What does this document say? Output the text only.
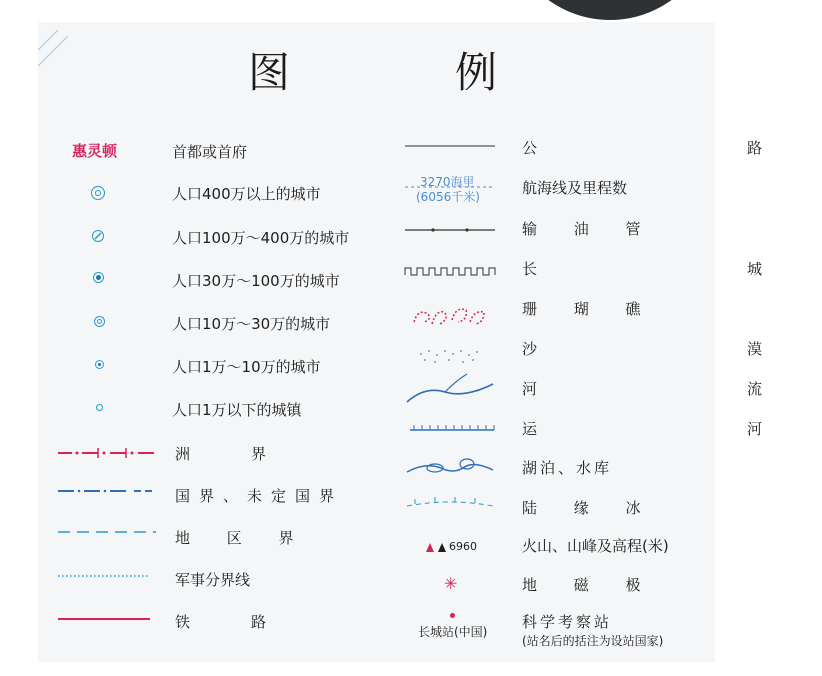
图	例
惠灵顿	首都或首府
人口400万以上的城市
人口100万～400万的城市
人口30万～100万的城市
人口10万～30万的城市
人口1万～10万的城市
人口1万以下的城镇
洲　　　界
国界、未定国界
地 区 界
军事分界线
铁　　　路
3270海里
(6056千米)
6960
✳
长城站(中国)
公　　路
航海线及里程数
输 油 管
长　　城
珊 瑚 礁
沙　　漠
河　　流
运　　河
湖泊、水库
陆 缘 冰
火山、山峰及高程(米)
地 磁 极
科学考察站
(站名后的括注为设站国家)
